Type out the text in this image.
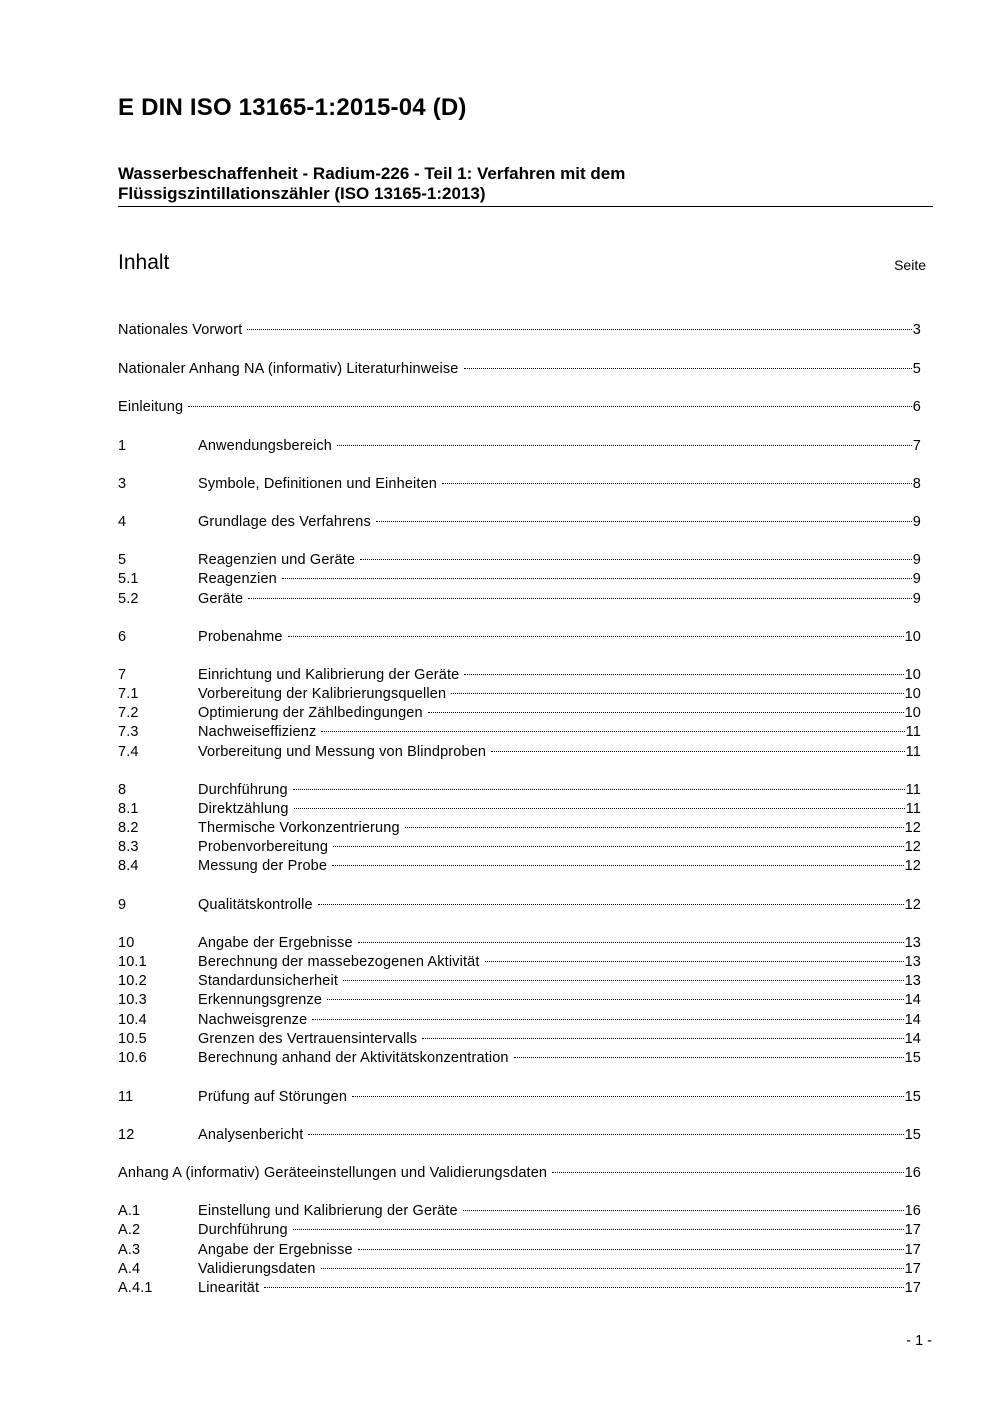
E DIN ISO 13165-1:2015-04 (D)
Wasserbeschaffenheit - Radium-226 - Teil 1: Verfahren mit dem
Flüssigszintillationszähler (ISO 13165-1:2013)
Inhalt	Seite
Nationales Vorwort	3
Nationaler Anhang NA (informativ) Literaturhinweise	5
Einleitung	6
1	Anwendungsbereich	7
3	Symbole, Definitionen und Einheiten	8
4	Grundlage des Verfahrens	9
5	Reagenzien und Geräte	9
5.1	Reagenzien	9
5.2	Geräte	9
6	Probenahme	10
7	Einrichtung und Kalibrierung der Geräte	10
7.1	Vorbereitung der Kalibrierungsquellen	10
7.2	Optimierung der Zählbedingungen	10
7.3	Nachweiseffizienz	11
7.4	Vorbereitung und Messung von Blindproben	11
8	Durchführung	11
8.1	Direktzählung	11
8.2	Thermische Vorkonzentrierung	12
8.3	Probenvorbereitung	12
8.4	Messung der Probe	12
9	Qualitätskontrolle	12
10	Angabe der Ergebnisse	13
10.1	Berechnung der massebezogenen Aktivität	13
10.2	Standardunsicherheit	13
10.3	Erkennungsgrenze	14
10.4	Nachweisgrenze	14
10.5	Grenzen des Vertrauensintervalls	14
10.6	Berechnung anhand der Aktivitätskonzentration	15
11	Prüfung auf Störungen	15
12	Analysenbericht	15
Anhang A (informativ) Geräteeinstellungen und Validierungsdaten	16
A.1	Einstellung und Kalibrierung der Geräte	16
A.2	Durchführung	17
A.3	Angabe der Ergebnisse	17
A.4	Validierungsdaten	17
A.4.1	Linearität	17
- 1 -
